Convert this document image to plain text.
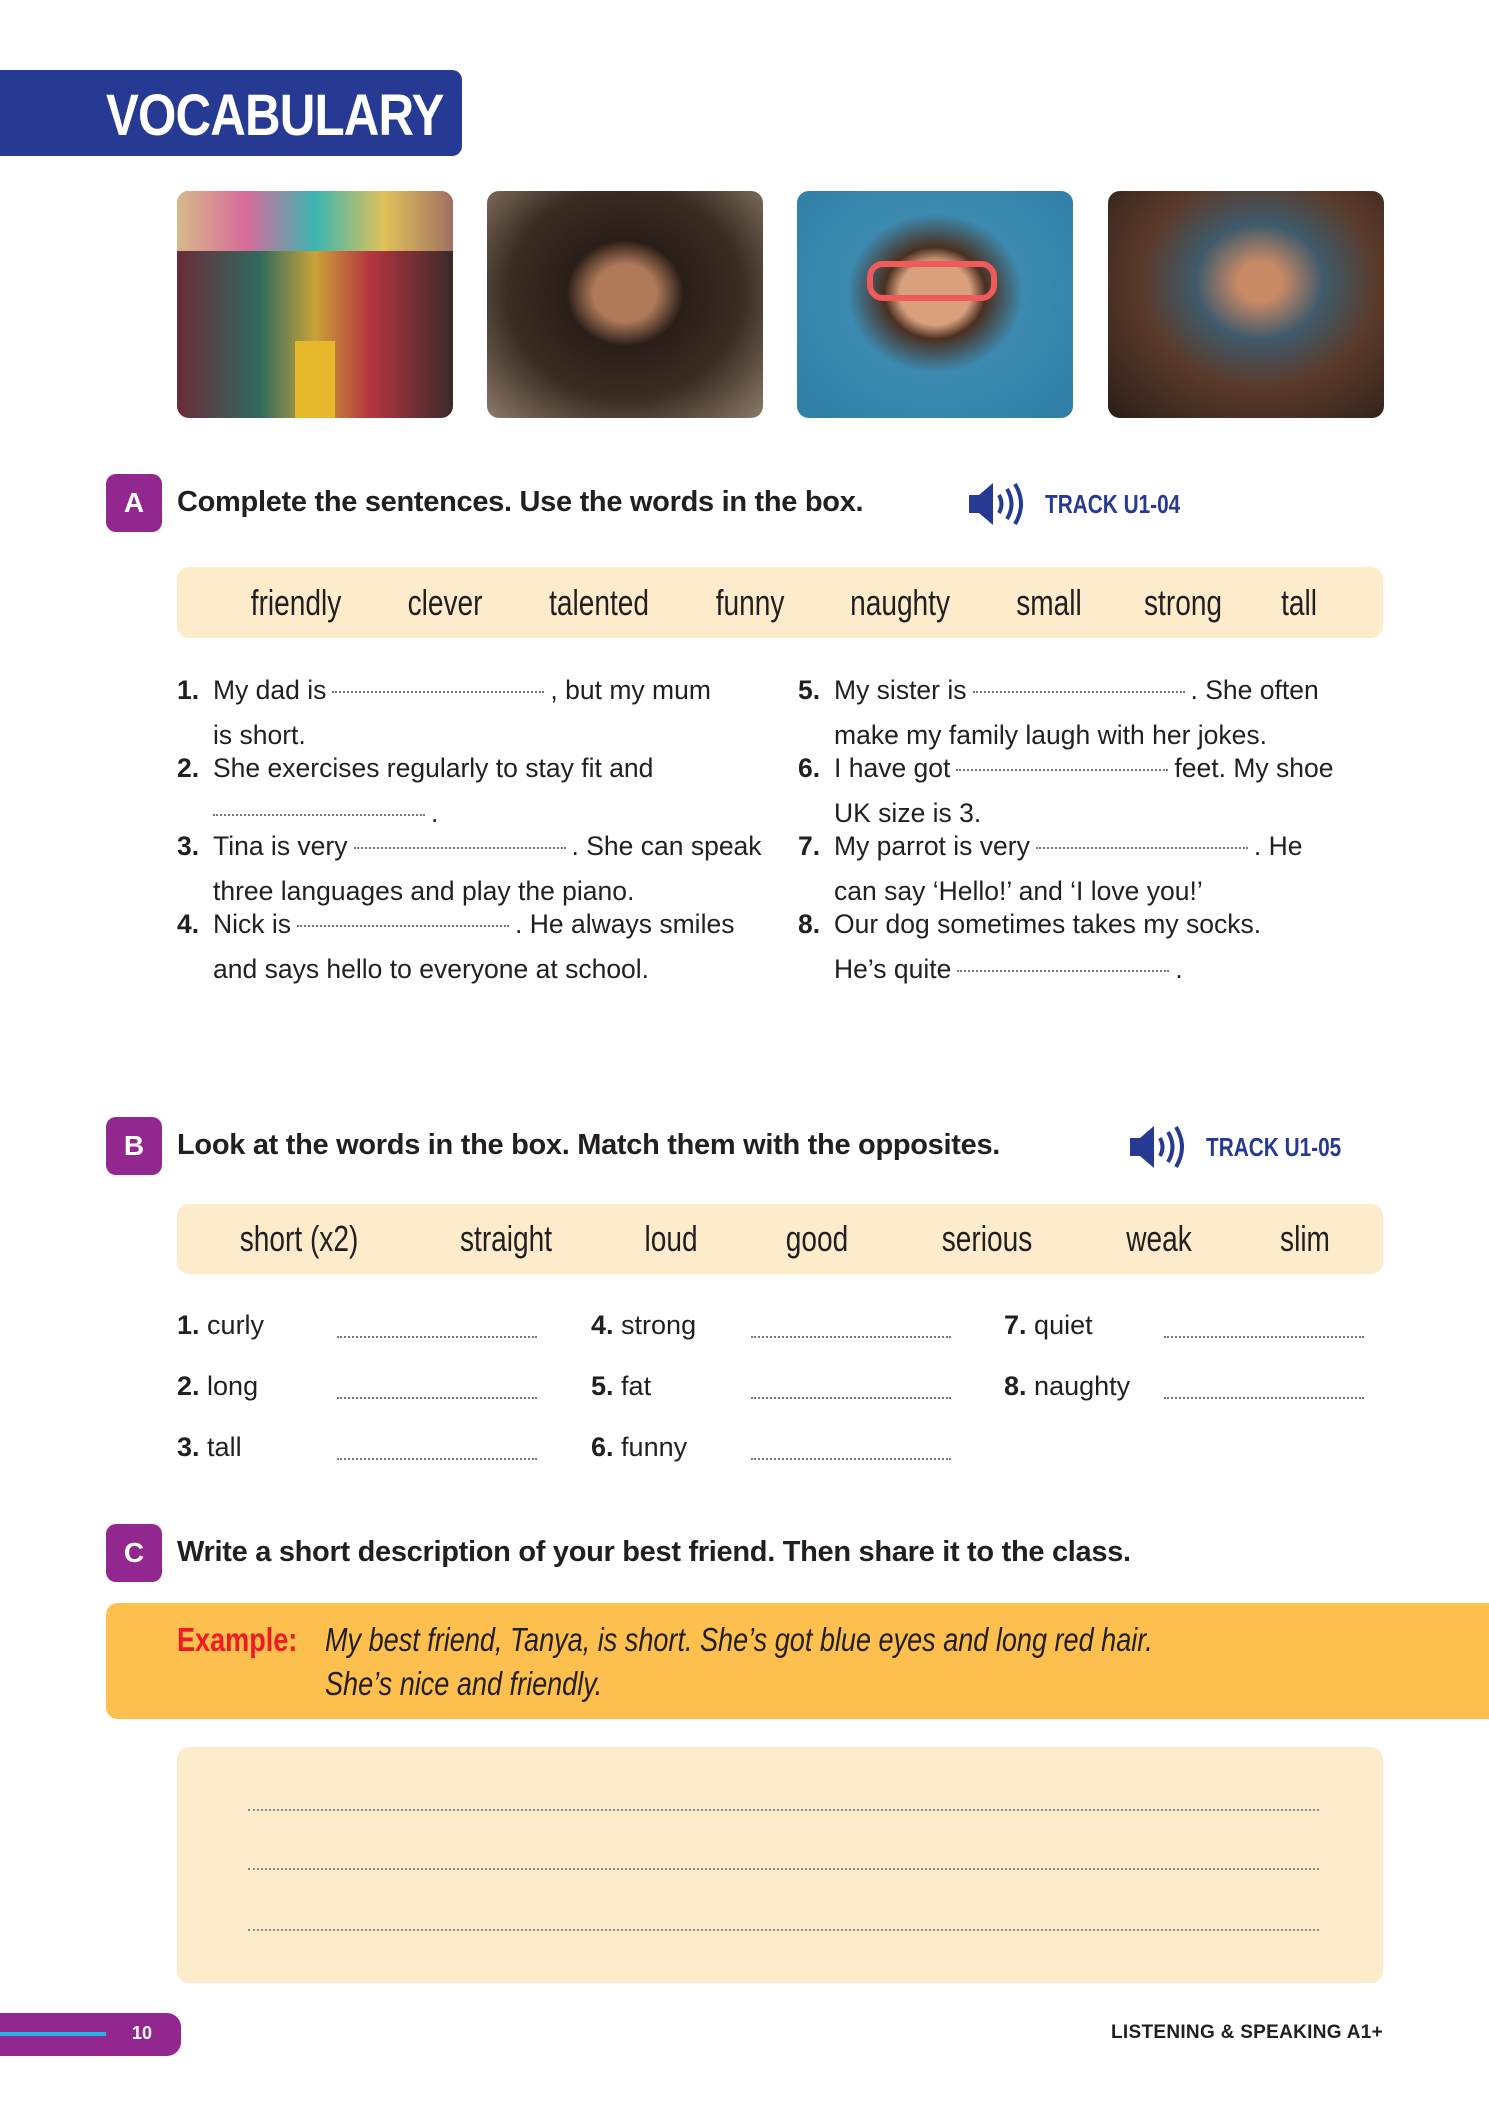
VOCABULARY
A	Complete the sentences. Use the words in the box.	TRACK U1-04
friendly clever talented funny naughty small strong tall
1. My dad is	, but my mum
is short.
2. She exercises regularly to stay fit and
.
3. Tina is very	. She can speak
three languages and play the piano.
4. Nick is	. He always smiles
and says hello to everyone at school.
5. My sister is	. She often
make my family laugh with her jokes.
6. I have got	feet. My shoe
UK size is 3.
7. My parrot is very	. He
can say ‘Hello!’ and ‘I love you!’
8. Our dog sometimes takes my socks.
He’s quite	.
B	Look at the words in the box. Match them with the opposites.	TRACK U1-05
short (x2)	straight	loud good	serious	weak slim
1. curly
2. long
3. tall
4. strong
5. fat
6. funny
7. quiet
8. naughty
C	Write a short description of your best friend. Then share it to the class.
Example: My best friend, Tanya, is short. She’s got blue eyes and long red hair.
She’s nice and friendly.
10	LISTENING & SPEAKING A1+
